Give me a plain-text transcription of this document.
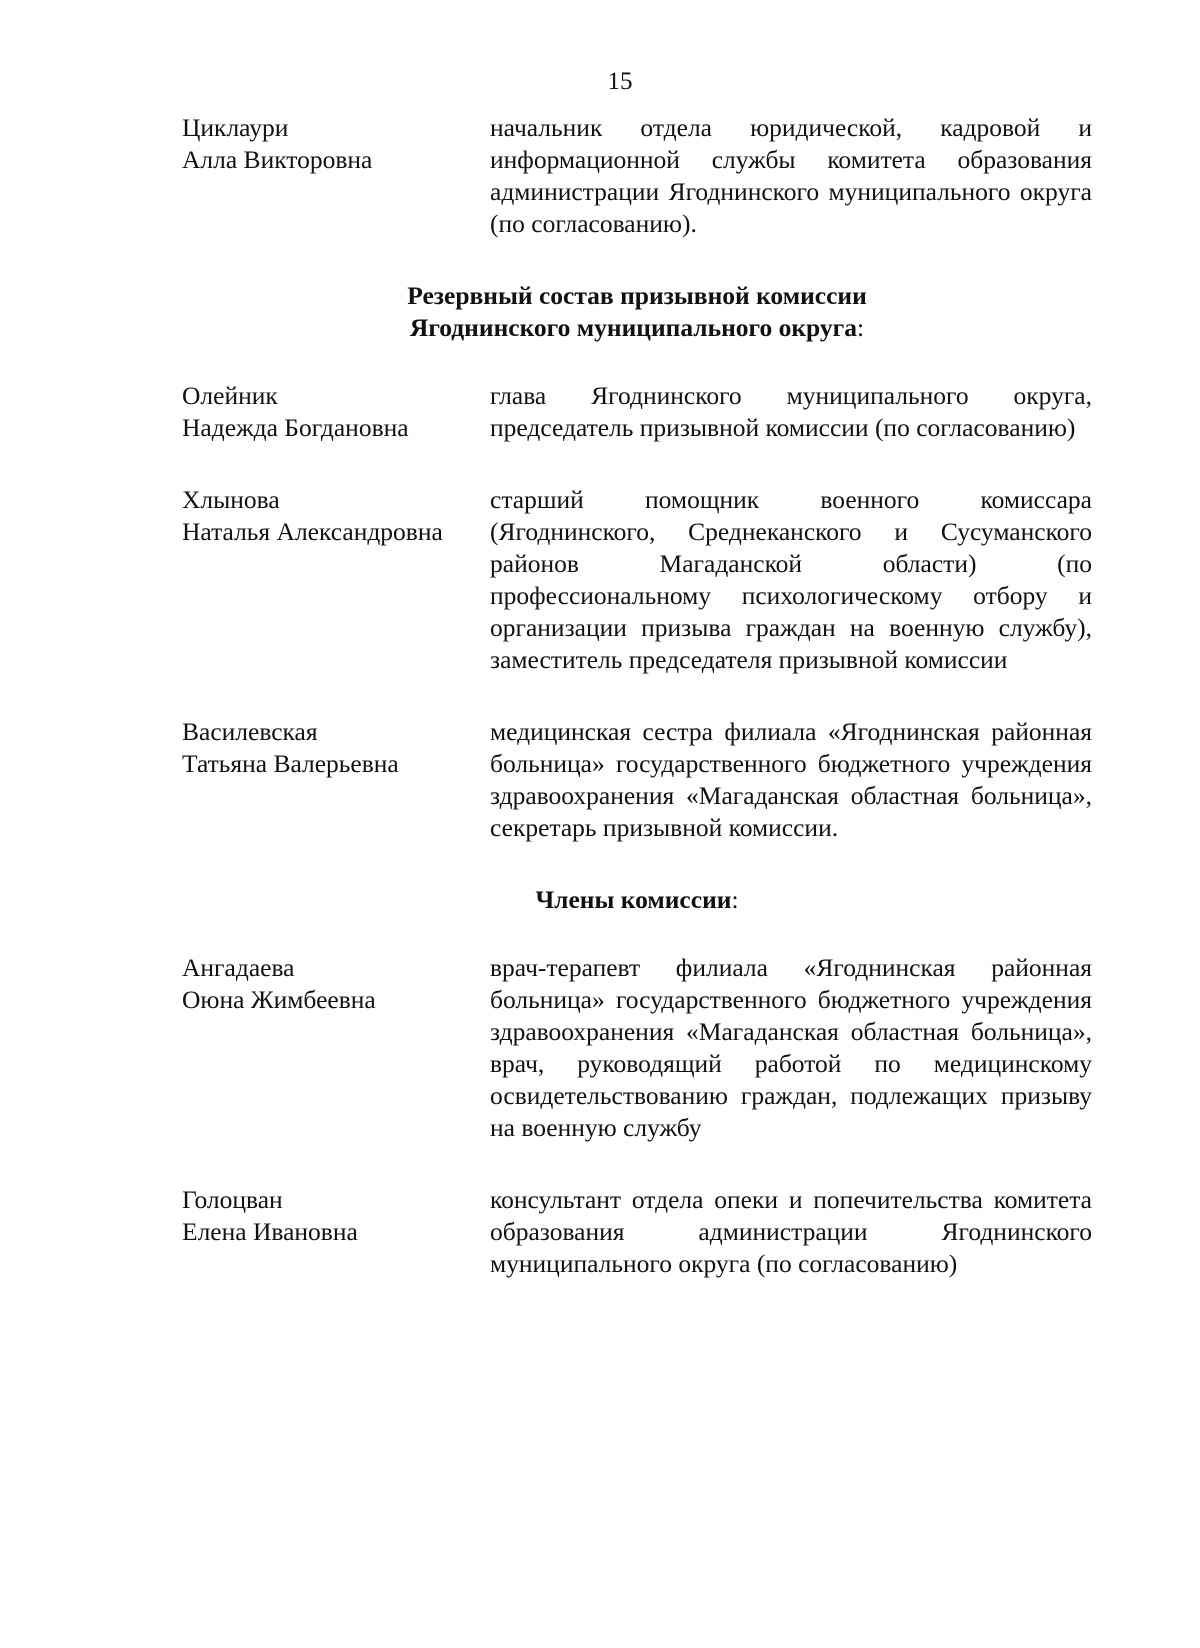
15
Циклаури
Алла Викторовна
начальник отдела юридической, кадровой и информационной службы комитета образования администрации Ягоднинского муниципального округа (по согласованию).
Резервный состав призывной комиссии
Ягоднинского муниципального округа:
Олейник
Надежда Богдановна
глава Ягоднинского муниципального округа, председатель призывной комиссии (по согласованию)
Хлынова
Наталья Александровна
старший помощник военного комиссара (Ягоднинского, Среднеканского и Сусуманского районов Магаданской области) (по профессиональному психологическому отбору и организации призыва граждан на военную службу), заместитель председателя призывной комиссии
Василевская
Татьяна Валерьевна
медицинская сестра филиала «Ягоднинская районная больница» государственного бюджетного учреждения здравоохранения «Магаданская областная больница», секретарь призывной комиссии.
Члены комиссии:
Ангадаева
Оюна Жимбеевна
врач-терапевт филиала «Ягоднинская районная больница» государственного бюджетного учреждения здравоохранения «Магаданская областная больница», врач, руководящий работой по медицинскому освидетельствованию граждан, подлежащих призыву на военную службу
Голоцван
Елена Ивановна
консультант отдела опеки и попечительства комитета образования администрации Ягоднинского муниципального округа (по согласованию)
